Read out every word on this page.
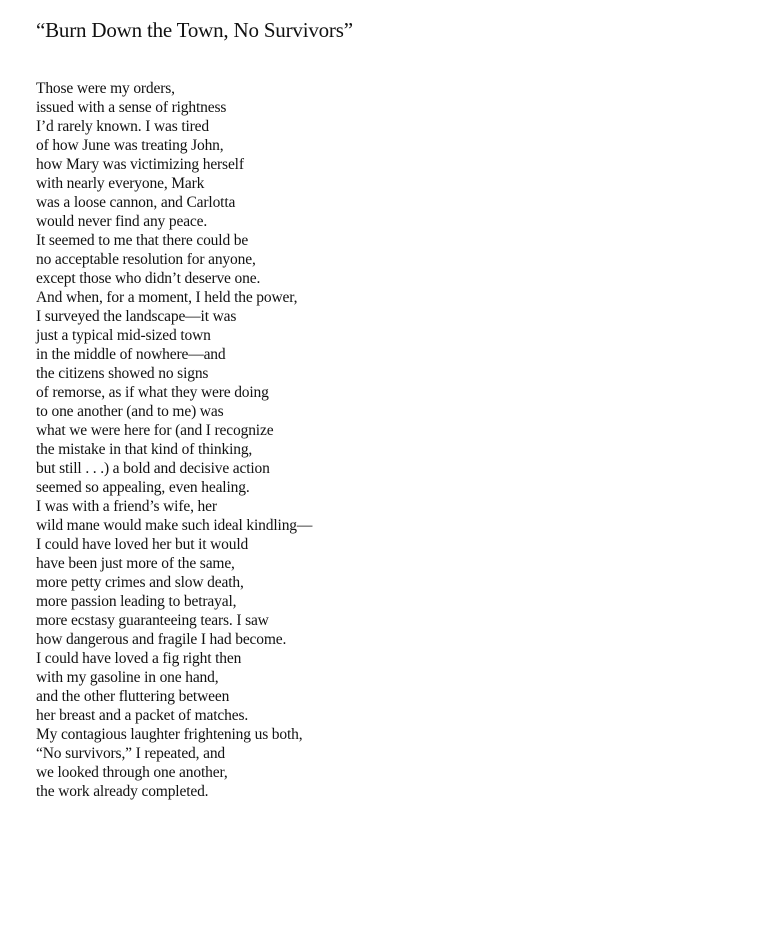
“Burn Down the Town, No Survivors”
Those were my orders,
issued with a sense of rightness
I’d rarely known. I was tired
of how June was treating John,
how Mary was victimizing herself
with nearly everyone, Mark
was a loose cannon, and Carlotta
would never find any peace.
It seemed to me that there could be
no acceptable resolution for anyone,
except those who didn’t deserve one.
And when, for a moment, I held the power,
I surveyed the landscape—it was
just a typical mid-sized town
in the middle of nowhere—and
the citizens showed no signs
of remorse, as if what they were doing
to one another (and to me) was
what we were here for (and I recognize
the mistake in that kind of thinking,
but still . . .) a bold and decisive action
seemed so appealing, even healing.
I was with a friend’s wife, her
wild mane would make such ideal kindling—
I could have loved her but it would
have been just more of the same,
more petty crimes and slow death,
more passion leading to betrayal,
more ecstasy guaranteeing tears. I saw
how dangerous and fragile I had become.
I could have loved a fig right then
with my gasoline in one hand,
and the other fluttering between
her breast and a packet of matches.
My contagious laughter frightening us both,
“No survivors,” I repeated, and
we looked through one another,
the work already completed.
